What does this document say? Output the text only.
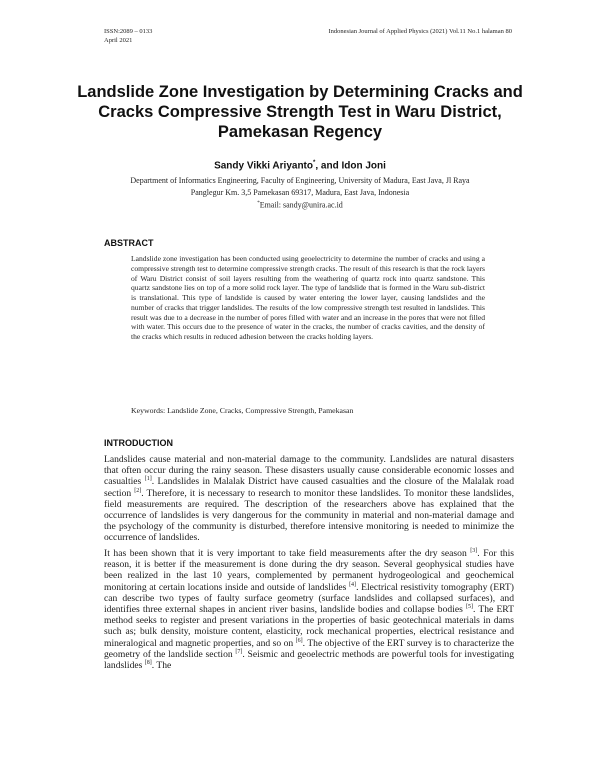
ISSN:2089 – 0133
April 2021
Indonesian Journal of Applied Physics (2021) Vol.11 No.1 halaman 80
Landslide Zone Investigation by Determining Cracks and Cracks Compressive Strength Test in Waru District, Pamekasan Regency
Sandy Vikki Ariyanto*, and Idon Joni
Department of Informatics Engineering, Faculty of Engineering, University of Madura, East Java, Jl Raya
Panglegur Km. 3,5 Pamekasan 69317, Madura, East Java, Indonesia
*Email: sandy@unira.ac.id
ABSTRACT
Landslide zone investigation has been conducted using geoelectricity to determine the number of cracks and using a compressive strength test to determine compressive strength cracks. The result of this research is that the rock layers of Waru District consist of soil layers resulting from the weathering of quartz rock into quartz sandstone. This quartz sandstone lies on top of a more solid rock layer. The type of landslide that is formed in the Waru sub-district is translational. This type of landslide is caused by water entering the lower layer, causing landslides and the number of cracks that trigger landslides. The results of the low compressive strength test resulted in landslides. This result was due to a decrease in the number of pores filled with water and an increase in the pores that were not filled with water. This occurs due to the presence of water in the cracks, the number of cracks cavities, and the density of the cracks which results in reduced adhesion between the cracks holding layers.
Keywords: Landslide Zone, Cracks, Compressive Strength, Pamekasan
INTRODUCTION
Landslides cause material and non-material damage to the community. Landslides are natural disasters that often occur during the rainy season. These disasters usually cause considerable economic losses and casualties [1]. Landslides in Malalak District have caused casualties and the closure of the Malalak road section [2]. Therefore, it is necessary to research to monitor these landslides. To monitor these landslides, field measurements are required. The description of the researchers above has explained that the occurrence of landslides is very dangerous for the community in material and non-material damage and the psychology of the community is disturbed, therefore intensive monitoring is needed to minimize the occurrence of landslides.
It has been shown that it is very important to take field measurements after the dry season [3]. For this reason, it is better if the measurement is done during the dry season. Several geophysical studies have been realized in the last 10 years, complemented by permanent hydrogeological and geochemical monitoring at certain locations inside and outside of landslides [4]. Electrical resistivity tomography (ERT) can describe two types of faulty surface geometry (surface landslides and collapsed surfaces), and identifies three external shapes in ancient river basins, landslide bodies and collapse bodies [5]. The ERT method seeks to register and present variations in the properties of basic geotechnical materials in dams such as; bulk density, moisture content, elasticity, rock mechanical properties, electrical resistance and mineralogical and magnetic properties, and so on [6]. The objective of the ERT survey is to characterize the geometry of the landslide section [7]. Seismic and geoelectric methods are powerful tools for investigating landslides [8]. The
